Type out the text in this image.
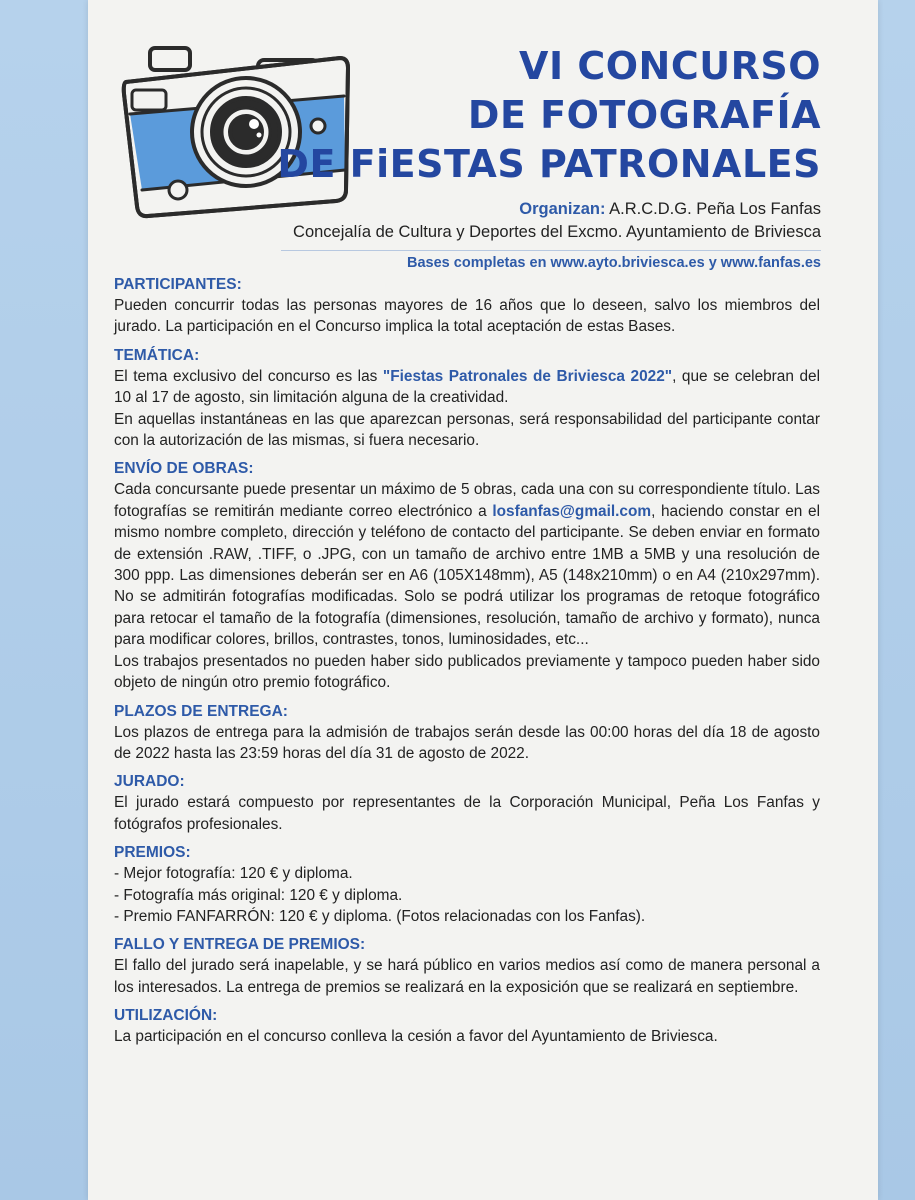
VI CONCURSO
DE FOTOGRAFÍA
DE FiESTAS PATRONALES
Organizan: A.R.C.D.G. Peña Los Fanfas
Concejalía de Cultura y Deportes del Excmo. Ayuntamiento de Briviesca
Bases completas en www.ayto.briviesca.es y www.fanfas.es
PARTICIPANTES:

Pueden concurrir todas las personas mayores de 16 años que lo deseen, salvo los miembros del jurado. La participación en el Concurso implica la total aceptación de estas Bases.

TEMÁTICA:

El tema exclusivo del concurso es las "Fiestas Patronales de Briviesca 2022", que se celebran del 10 al 17 de agosto, sin limitación alguna de la creatividad.

En aquellas instantáneas en las que aparezcan personas, será responsabilidad del participante contar con la autorización de las mismas, si fuera necesario.

ENVÍO DE OBRAS:

Cada concursante puede presentar un máximo de 5 obras, cada una con su correspondiente título. Las fotografías se remitirán mediante correo electrónico a losfanfas@gmail.com, haciendo constar en el mismo nombre completo, dirección y teléfono de contacto del participante. Se deben enviar en formato de extensión .RAW, .TIFF, o .JPG, con un tamaño de archivo entre 1MB a 5MB y una resolución de 300 ppp. Las dimensiones deberán ser en A6 (105X148mm), A5 (148x210mm) o en A4 (210x297mm). No se admitirán fotografías modificadas. Solo se podrá utilizar los programas de retoque fotográfico para retocar el tamaño de la fotografía (dimensiones, resolución, tamaño de archivo y formato), nunca para modificar colores, brillos, contrastes, tonos, luminosidades, etc...

Los trabajos presentados no pueden haber sido publicados previamente y tampoco pueden haber sido objeto de ningún otro premio fotográfico.

PLAZOS DE ENTREGA:

Los plazos de entrega para la admisión de trabajos serán desde las 00:00 horas del día 18 de agosto de 2022 hasta las 23:59 horas del día 31 de agosto de 2022.

JURADO:

El jurado estará compuesto por representantes de la Corporación Municipal, Peña Los Fanfas y fotógrafos profesionales.

PREMIOS:

- Mejor fotografía: 120 € y diploma.

- Fotografía más original: 120 € y diploma.

- Premio FANFARRÓN: 120 € y diploma. (Fotos relacionadas con los Fanfas).

FALLO Y ENTREGA DE PREMIOS:

El fallo del jurado será inapelable, y se hará público en varios medios así como de manera personal a los interesados. La entrega de premios se realizará en la exposición que se realizará en septiembre.

UTILIZACIÓN:

La participación en el concurso conlleva la cesión a favor del Ayuntamiento de Briviesca.
